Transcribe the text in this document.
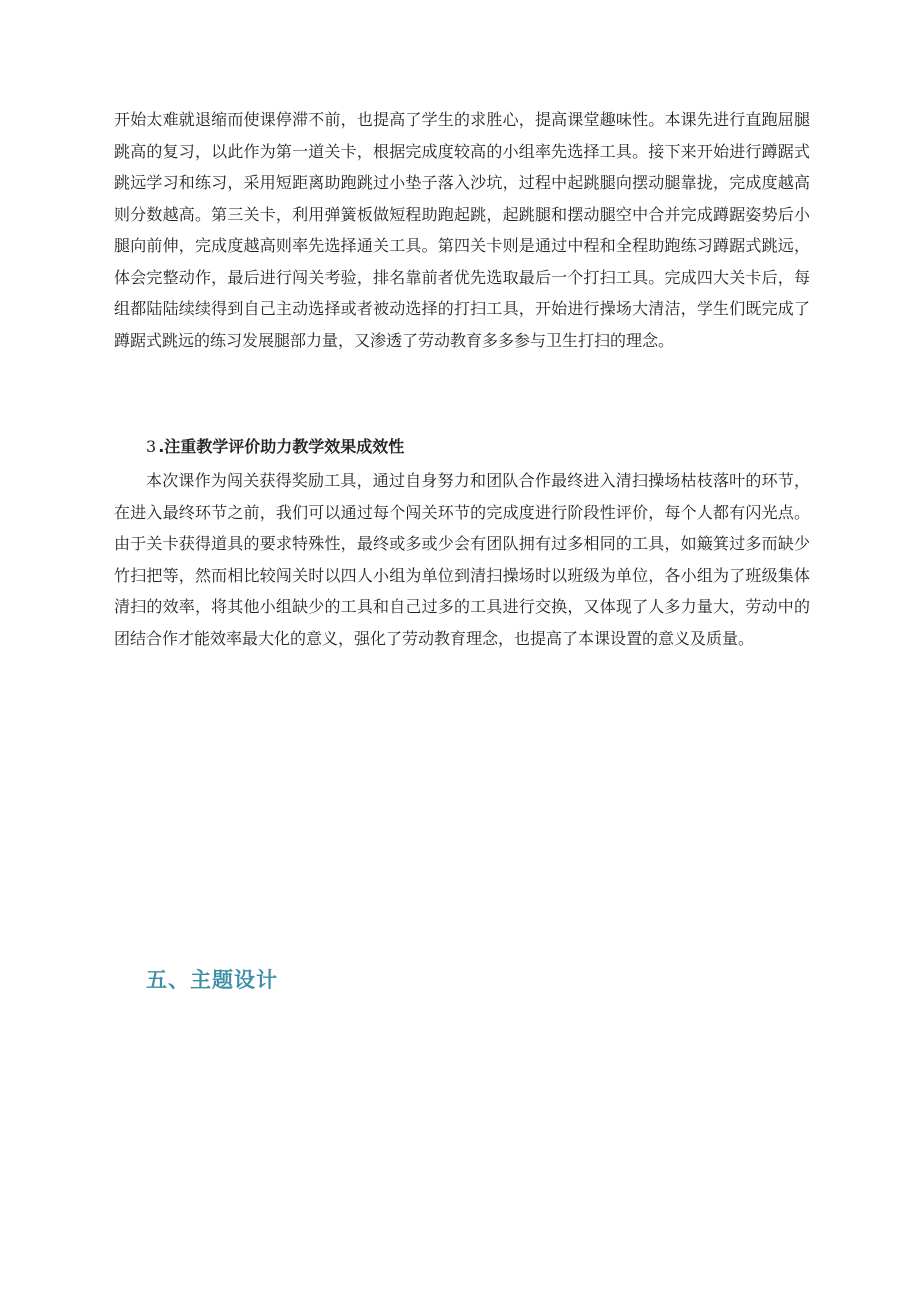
开始太难就退缩而使课停滞不前，也提高了学生的求胜心，提高课堂趣味性。本课先进行直跑屈腿跳高的复习，以此作为第一道关卡，根据完成度较高的小组率先选择工具。接下来开始进行蹲踞式跳远学习和练习，采用短距离助跑跳过小垫子落入沙坑，过程中起跳腿向摆动腿靠拢，完成度越高则分数越高。第三关卡，利用弹簧板做短程助跑起跳，起跳腿和摆动腿空中合并完成蹲踞姿势后小腿向前伸，完成度越高则率先选择通关工具。第四关卡则是通过中程和全程助跑练习蹲踞式跳远，体会完整动作，最后进行闯关考验，排名靠前者优先选取最后一个打扫工具。完成四大关卡后，每组都陆陆续续得到自己主动选择或者被动选择的打扫工具，开始进行操场大清洁，学生们既完成了蹲踞式跳远的练习发展腿部力量，又渗透了劳动教育多多参与卫生打扫的理念。

3 .注重教学评价助力教学效果成效性

本次课作为闯关获得奖励工具，通过自身努力和团队合作最终进入清扫操场枯枝落叶的环节，在进入最终环节之前，我们可以通过每个闯关环节的完成度进行阶段性评价，每个人都有闪光点。由于关卡获得道具的要求特殊性，最终或多或少会有团队拥有过多相同的工具，如簸箕过多而缺少竹扫把等，然而相比较闯关时以四人小组为单位到清扫操场时以班级为单位，各小组为了班级集体清扫的效率，将其他小组缺少的工具和自己过多的工具进行交换，又体现了人多力量大，劳动中的团结合作才能效率最大化的意义，强化了劳动教育理念，也提高了本课设置的意义及质量。

五、主题设计
